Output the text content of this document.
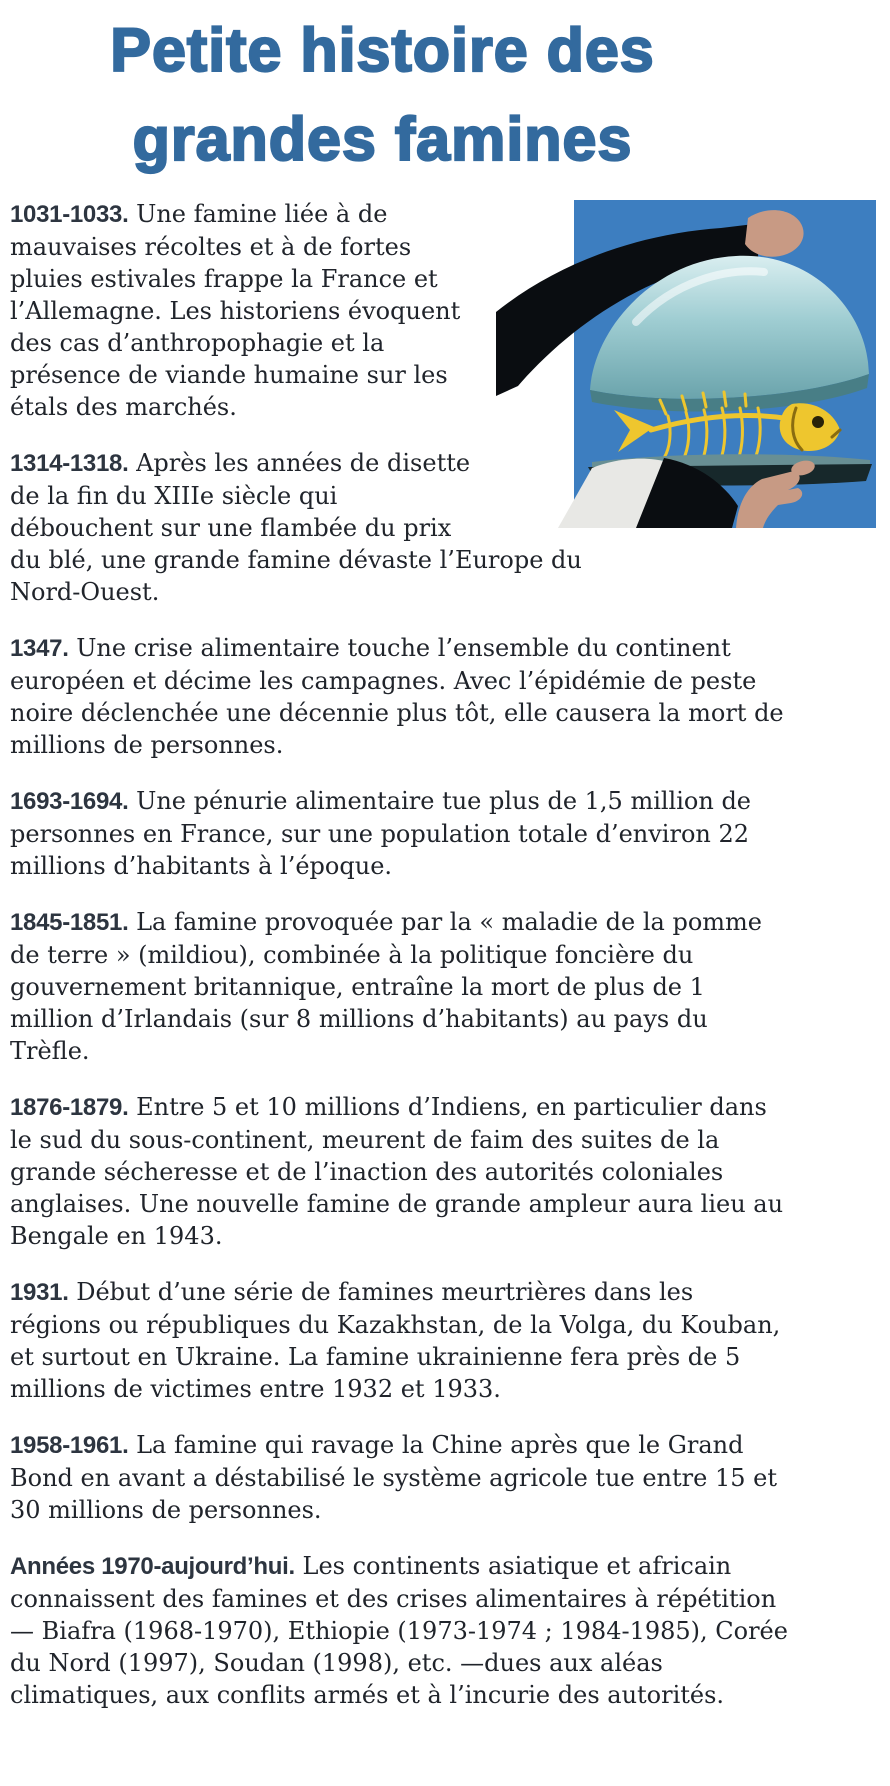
Petite histoire des
grandes famines

1031-1033. Une famine liée à de mauvaises récoltes et à de fortes pluies estivales frappe la France et l’Allemagne. Les historiens évoquent des cas d’anthropophagie et la présence de viande humaine sur les étals des marchés.

1314-1318. Après les années de disette de la fin du XIIIe siècle qui débouchent sur une flambée du prix du blé, une grande famine dévaste l’Europe du Nord-Ouest.

1347. Une crise alimentaire touche l’ensemble du continent européen et décime les campagnes. Avec l’épidémie de peste noire déclenchée une décennie plus tôt, elle causera la mort de millions de personnes.

1693-1694. Une pénurie alimentaire tue plus de 1,5 million de personnes en France, sur une population totale d’environ 22 millions d’habitants à l’époque.

1845-1851. La famine provoquée par la « maladie de la pomme de terre » (mildiou), combinée à la politique foncière du gouvernement britannique, entraîne la mort de plus de 1 million d’Irlandais (sur 8 millions d’habitants) au pays du Trèfle.

1876-1879. Entre 5 et 10 millions d’Indiens, en particulier dans le sud du sous-continent, meurent de faim des suites de la grande sécheresse et de l’inaction des autorités coloniales anglaises. Une nouvelle famine de grande ampleur aura lieu au Bengale en 1943.

1931. Début d’une série de famines meurtrières dans les régions ou républiques du Kazakhstan, de la Volga, du Kouban, et surtout en Ukraine. La famine ukrainienne fera près de 5 millions de victimes entre 1932 et 1933.

1958-1961. La famine qui ravage la Chine après que le Grand Bond en avant a déstabilisé le système agricole tue entre 15 et 30 millions de personnes.

Années 1970-aujourd’hui. Les continents asiatique et africain connaissent des famines et des crises alimentaires à répétition — Biafra (1968-1970), Ethiopie (1973-1974 ; 1984-1985), Corée du Nord (1997), Soudan (1998), etc. —dues aux aléas climatiques, aux conflits armés et à l’incurie des autorités.
